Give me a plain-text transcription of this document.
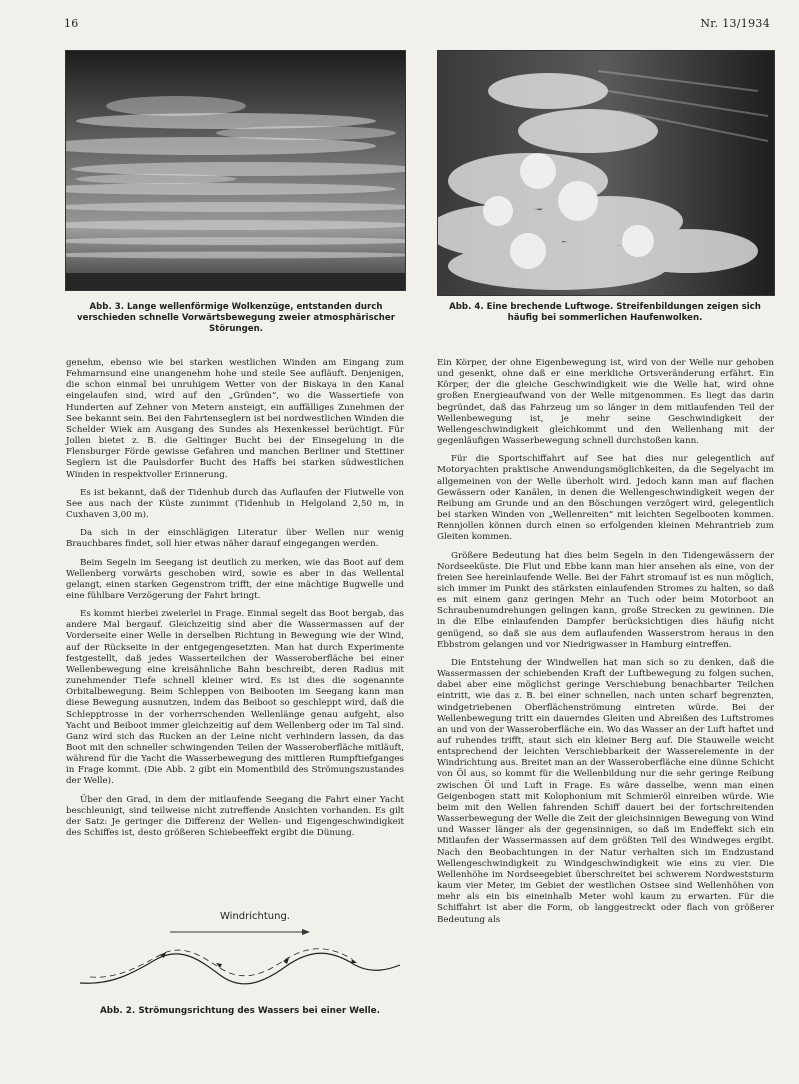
16	Nr. 13/1934
Abb. 3. Lange wellenförmige Wolkenzüge, entstanden durch verschieden schnelle Vorwärtsbewegung zweier atmosphärischer Störungen.
Abb. 4. Eine brechende Luftwoge. Streifenbildungen zeigen sich häufig bei sommerlichen Haufenwolken.

genehm, ebenso wie bei starken westlichen Winden am Eingang zum Fehmarnsund eine unangenehm hohe und steile See aufläuft. Denjenigen, die schon einmal bei unruhigem Wetter von der Biskaya in den Kanal eingelaufen sind, wird auf den „Gründen“, wo die Wassertiefe von Hunderten auf Zehner von Metern ansteigt, ein auffälliges Zunehmen der See bekannt sein. Bei den Fahrtenseglern ist bei nordwestlichen Winden die Schelder Wiek am Ausgang des Sundes als Hexenkessel berüchtigt. Für Jollen bietet z. B. die Geltinger Bucht bei der Einsegelung in die Flensburger Förde gewisse Gefahren und manchen Berliner und Stettiner Seglern ist die Paulsdorfer Bucht des Haffs bei starken südwestlichen Winden in respektvoller Erinnerung.

Es ist bekannt, daß der Tidenhub durch das Auflaufen der Flutwelle von See aus nach der Küste zunimmt (Tidenhub in Helgoland 2,50 m, in Cuxhaven 3,00 m).

Da sich in der einschlägigen Literatur über Wellen nur wenig Brauchbares findet, soll hier etwas näher darauf eingegangen werden.

Beim Segeln im Seegang ist deutlich zu merken, wie das Boot auf dem Wellenberg vorwärts geschoben wird, sowie es aber in das Wellental gelangt, einen starken Gegenstrom trifft, der eine mächtige Bugwelle und eine fühlbare Verzögerung der Fahrt bringt.

Es kommt hierbei zweierlei in Frage. Einmal segelt das Boot bergab, das andere Mal bergauf. Gleichzeitig sind aber die Wassermassen auf der Vorderseite einer Welle in derselben Richtung in Bewegung wie der Wind, auf der Rückseite in der entgegengesetzten. Man hat durch Experimente festgestellt, daß jedes Wasserteilchen der Wasseroberfläche bei einer Wellenbewegung eine kreisähnliche Bahn beschreibt, deren Radius mit zunehmender Tiefe schnell kleiner wird. Es ist dies die sogenannte Orbitalbewegung. Beim Schleppen von Beibooten im Seegang kann man diese Bewegung ausnutzen, indem das Beiboot so geschleppt wird, daß die Schlepptrosse in der vorherrschenden Wellenlänge genau aufgeht, also Yacht und Beiboot immer gleichzeitig auf dem Wellenberg oder im Tal sind. Ganz wird sich das Rucken an der Leine nicht verhindern lassen, da das Boot mit den schneller schwingenden Teilen der Wasseroberfläche mitläuft, während für die Yacht die Wasserbewegung des mittleren Rumpftiefganges in Frage kommt. (Die Abb. 2 gibt ein Momentbild des Strömungszustandes der Welle).

Über den Grad, in dem der mitlaufende Seegang die Fahrt einer Yacht beschleunigt, sind teilweise nicht zutreffende Ansichten vorhanden. Es gilt der Satz: Je geringer die Differenz der Wellen- und Eigengeschwindigkeit des Schiffes ist, desto größeren Schiebeeffekt ergibt die Dünung.

Windrichtung.
Abb. 2. Strömungsrichtung des Wassers bei einer Welle.

Ein Körper, der ohne Eigenbewegung ist, wird von der Welle nur gehoben und gesenkt, ohne daß er eine merkliche Ortsveränderung erfährt. Ein Körper, der die gleiche Geschwindigkeit wie die Welle hat, wird ohne großen Energieaufwand von der Welle mitgenommen. Es liegt das darin begründet, daß das Fahrzeug um so länger in dem mitlaufenden Teil der Wellenbewegung ist, je mehr seine Geschwindigkeit der Wellengeschwindigkeit gleichkommt und den Wellenhang mit der gegenläufigen Wasserbewegung schnell durchstoßen kann.

Für die Sportschiffahrt auf See hat dies nur gelegentlich auf Motoryachten praktische Anwendungsmöglichkeiten, da die Segelyacht im allgemeinen von der Welle überholt wird. Jedoch kann man auf flachen Gewässern oder Kanälen, in denen die Wellengeschwindigkeit wegen der Reibung am Grunde und an den Böschungen verzögert wird, gelegentlich bei starken Winden von „Wellenreiten“ mit leichten Segelbooten kommen. Rennjollen können durch einen so erfolgenden kleinen Mehrantrieb zum Gleiten kommen.

Größere Bedeutung hat dies beim Segeln in den Tidengewässern der Nordseeküste. Die Flut und Ebbe kann man hier ansehen als eine, von der freien See hereinlaufende Welle. Bei der Fahrt stromauf ist es nun möglich, sich immer im Punkt des stärksten einlaufenden Stromes zu halten, so daß es mit einem ganz geringen Mehr an Tuch oder beim Motorboot an Schraubenumdrehungen gelingen kann, große Strecken zu gewinnen. Die in die Elbe einlaufenden Dampfer berücksichtigen dies häufig nicht genügend, so daß sie aus dem auflaufenden Wasserstrom heraus in den Ebbstrom gelangen und vor Niedrigwasser in Hamburg eintreffen.

Die Entstehung der Windwellen hat man sich so zu denken, daß die Wassermassen der schiebenden Kraft der Luftbewegung zu folgen suchen, dabei aber eine möglichst geringe Verschiebung benachbarter Teilchen eintritt, wie das z. B. bei einer schnellen, nach unten scharf begrenzten, windgetriebenen Oberflächenströmung eintreten würde. Bei der Wellenbewegung tritt ein dauerndes Gleiten und Abreißen des Luftstromes an und von der Wasseroberfläche ein. Wo das Wasser an der Luft haftet und auf ruhendes trifft, staut sich ein kleiner Berg auf. Die Stauwelle weicht entsprechend der leichten Verschiebbarkeit der Wasserelemente in der Windrichtung aus. Breitet man an der Wasseroberfläche eine dünne Schicht von Öl aus, so kommt für die Wellenbildung nur die sehr geringe Reibung zwischen Öl und Luft in Frage. Es wäre dasselbe, wenn man einen Geigenbogen statt mit Kolophonium mit Schmieröl einreiben würde. Wie beim mit den Wellen fahrenden Schiff dauert bei der fortschreitenden Wasserbewegung der Welle die Zeit der gleichsinnigen Bewegung von Wind und Wasser länger als der gegensinnigen, so daß im Endeffekt sich ein Mitlaufen der Wassermassen auf dem größten Teil des Windweges ergibt. Nach den Beobachtungen in der Natur verhalten sich im Endzustand Wellengeschwindigkeit zu Windgeschwindigkeit wie eins zu vier. Die Wellenhöhe im Nordseegebiet überschreitet bei schwerem Nordweststurm kaum vier Meter, im Gebiet der westlichen Ostsee sind Wellenhöhen von mehr als ein bis eineinhalb Meter wohl kaum zu erwarten. Für die Schiffahrt ist aber die Form, ob langgestreckt oder flach von größerer Bedeutung als
